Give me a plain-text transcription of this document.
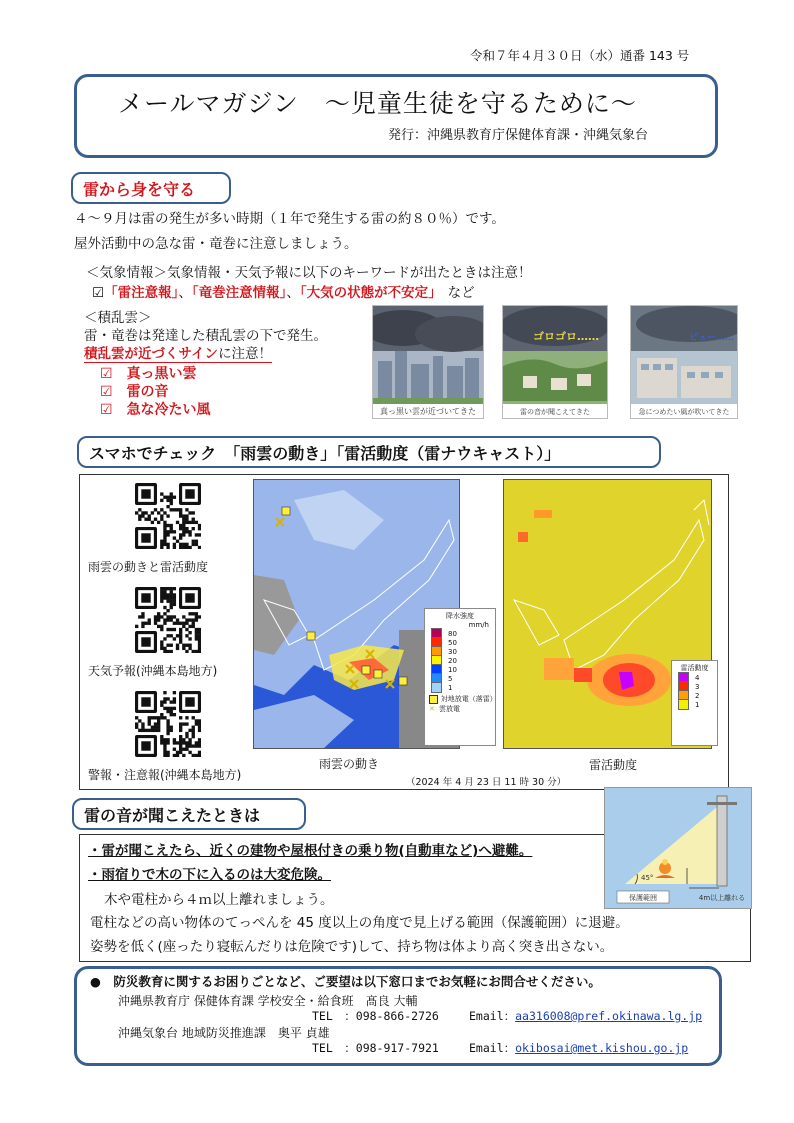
令和７年４月３０日（水）通番 143 号
メールマガジン　～児童生徒を守るために～
発行：沖縄県教育庁保健体育課・沖縄気象台
雷から身を守る
４～９月は雷の発生が多い時期（１年で発生する雷の約８０％）です。
屋外活動中の急な雷・竜巻に注意しましょう。
＜気象情報＞気象情報・天気予報に以下のキーワードが出たときは注意！
☑「雷注意報」、「竜巻注意情報」、「大気の状態が不安定」 など
＜積乱雲＞
雷・竜巻は発達した積乱雲の下で発生。
積乱雲が近づくサインに注意！
☑　 真っ黒い雲
☑　 雷の音
☑　 急な冷たい風	真っ黒い雲が近づいてきた
ゴロゴロ……
雷の音が聞こえてきた
ビュー……
急につめたい風が吹いてきた
スマホでチェック　「雨雲の動き」「雷活動度（雷ナウキャスト）」
雨雲の動きと雷活動度
天気予報(沖縄本島地方)
警報・注意報(沖縄本島地方)
降水強度
mm/h
80
50
30
20
10
5
1
対地放電（落雷）
✕ 雲放電
雷活動度
4
3
2
1
雨雲の動き	雷活動度
（2024 年 4 月 23 日 11 時 30 分）
雷の音が聞こえたときは
・雷が聞こえたら、近くの建物や屋根付きの乗り物(自動車など)へ避難。
・雨宿りで木の下に入るのは大変危険。
木や電柱から４ｍ以上離れましょう。
電柱などの高い物体のてっぺんを 45 度以上の角度で見上げる範囲（保護範囲）に退避。
姿勢を低く(座ったり寝転んだりは危険です)して、持ち物は体より高く突き出さない。
45°
保護範囲	4m以上離れる
●　防災教育に関するお困りごとなど、ご要望は以下窓口までお気軽にお問合せください。
沖縄県教育庁 保健体育課 学校安全・給食班　髙良 大輔
TEL　：098-866-2726	Email：aa316008@pref.okinawa.lg.jp
沖縄気象台 地域防災推進課　奥平 貞雄
TEL　：098-917-7921	Email：okibosai@met.kishou.go.jp
